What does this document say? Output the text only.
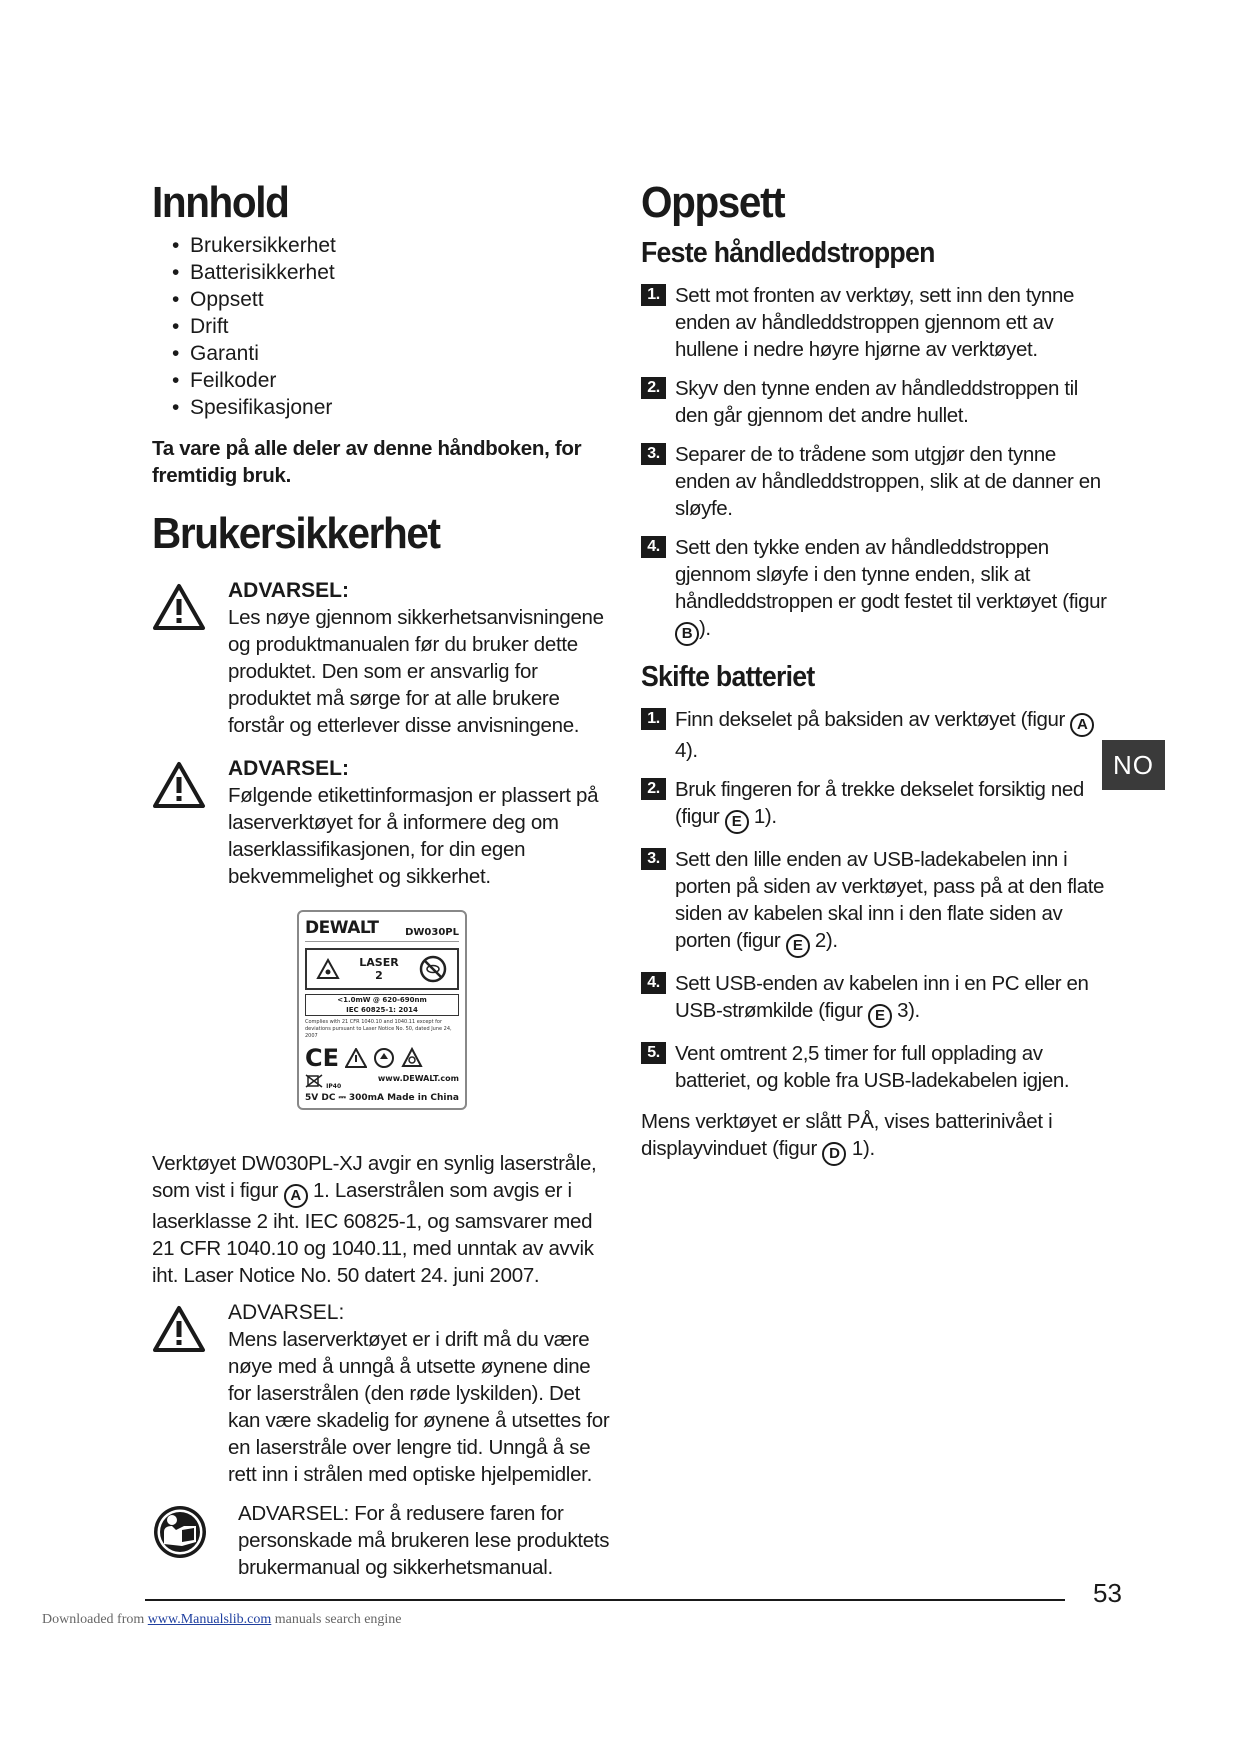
Innhold
• Brukersikkerhet
• Batterisikkerhet
• Oppsett
• Drift
• Garanti
• Feilkoder
• Spesifikasjoner

Ta vare på alle deler av denne håndboken, for fremtidig bruk.

Brukersikkerhet
ADVARSEL:
Les nøye gjennom sikkerhetsanvisningene og produktmanualen før du bruker dette produktet. Den som er ansvarlig for produktet må sørge for at alle brukere forstår og etterlever disse anvisningene.
ADVARSEL:
Følgende etikettinformasjon er plassert på laserverktøyet for å informere deg om laserklassifikasjonen, for din egen bekvemmelighet og sikkerhet.
DEWALT	DW030PL
LASER
2
<1.0mW @ 620-690nm
IEC 60825-1: 2014
Complies with 21 CFR 1040.10 and 1040.11 except for deviations pursuant to Laser Notice No. 50, dated June 24, 2007
CE
IP40
www.DEWALT.com
5V DC ⎓ 300mA Made in China

Verktøyet DW030PL-XJ avgir en synlig laserstråle, som vist i figur A 1. Laserstrålen som avgis er i laserklasse 2 iht. IEC 60825-1, og samsvarer med 21 CFR 1040.10 og 1040.11, med unntak av avvik iht. Laser Notice No. 50 datert 24. juni 2007.

ADVARSEL:
Mens laserverktøyet er i drift må du være nøye med å unngå å utsette øynene dine for laserstrålen (den røde lyskilden). Det kan være skadelig for øynene å utsettes for en laserstråle over lengre tid. Unngå å se rett inn i strålen med optiske hjelpemidler.
ADVARSEL: For å redusere faren for personskade må brukeren lese produktets brukermanual og sikkerhetsmanual.
Oppsett
Feste håndleddstroppen
1. Sett mot fronten av verktøy, sett inn den tynne enden av håndleddstroppen gjennom ett av hullene i nedre høyre hjørne av verktøyet.
2. Skyv den tynne enden av håndleddstroppen til den går gjennom det andre hullet.
3. Separer de to trådene som utgjør den tynne enden av håndleddstroppen, slik at de danner en sløyfe.
4. Sett den tykke enden av håndleddstroppen gjennom sløyfe i den tynne enden, slik at håndleddstroppen er godt festet til verktøyet (figur B ).
Skifte batteriet
1. Finn dekselet på baksiden av verktøyet (figur A 4).
2. Bruk fingeren for å trekke dekselet forsiktig ned (figur E 1).
3. Sett den lille enden av USB-ladekabelen inn i porten på siden av verktøyet, pass på at den flate siden av kabelen skal inn i den flate siden av porten (figur E 2).
4. Sett USB-enden av kabelen inn i en PC eller en USB-strømkilde (figur E 3).
5. Vent omtrent 2,5 timer for full opplading av batteriet, og koble fra USB-ladekabelen igjen.

Mens verktøyet er slått PÅ, vises batterinivået i displayvinduet (figur D 1).

NO
53
Downloaded from www.Manualslib.com manuals search engine
